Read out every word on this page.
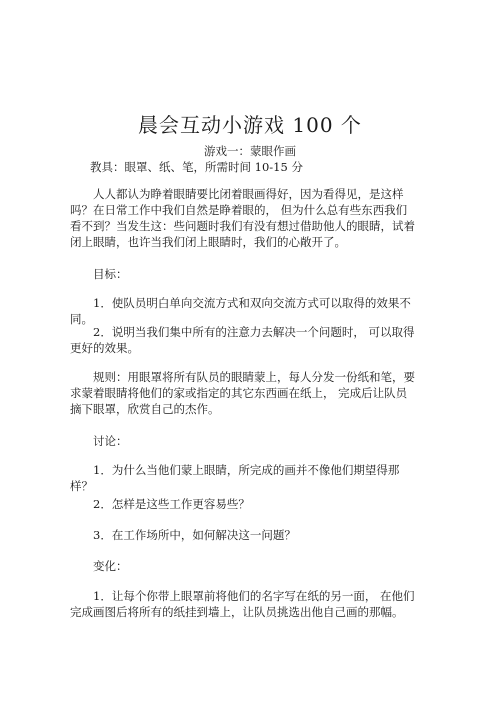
晨会互动小游戏 100 个

游戏一：蒙眼作画

教具：眼罩、纸、笔，所需时间 10-15 分

人人都认为睁着眼睛要比闭着眼画得好，因为看得见，是这样吗？在日常工作中我们自然是睁着眼的， 但为什么总有些东西我们看不到？当发生这：些问题时我们有没有想过借助他人的眼睛，试着闭上眼睛，也许当我们闭上眼睛时，我们的心敞开了。

目标：

1．使队员明白单向交流方式和双向交流方式可以取得的效果不同。

2．说明当我们集中所有的注意力去解决一个问题时， 可以取得更好的效果。

规则：用眼罩将所有队员的眼睛蒙上，每人分发一份纸和笔，要求蒙着眼睛将他们的家或指定的其它东西画在纸上， 完成后让队员摘下眼罩，欣赏自己的杰作。

讨论：

1．为什么当他们蒙上眼睛，所完成的画并不像他们期望得那样？

2．怎样是这些工作更容易些？

3．在工作场所中，如何解决这一问题？

变化：

1．让每个你带上眼罩前将他们的名字写在纸的另一面， 在他们完成画图后将所有的纸挂到墙上，让队员挑选出他自己画的那幅。
